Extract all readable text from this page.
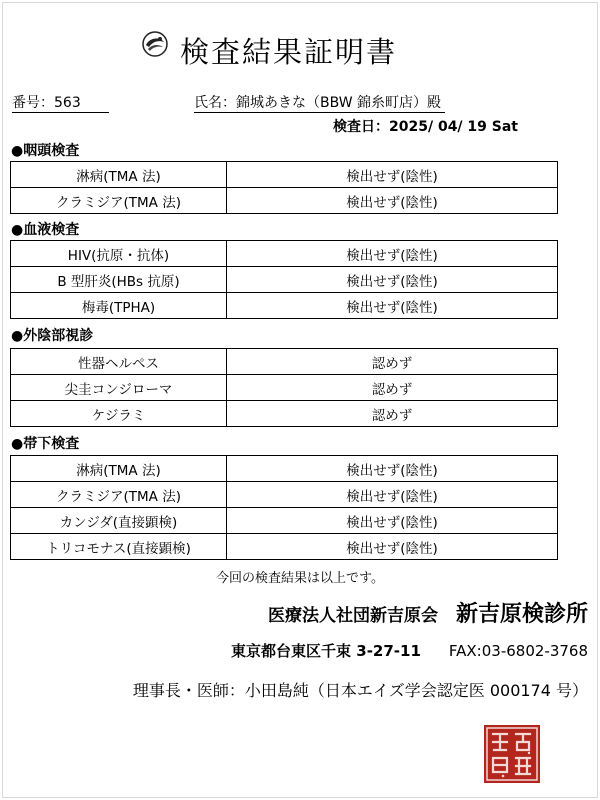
検査結果証明書
番号：563	氏名：錦城あきな（BBW 錦糸町店）殿
検査日：2025/ 04/ 19 Sat
●咽頭検査
淋病(TMA 法)	検出せず(陰性)
クラミジア(TMA 法)	検出せず(陰性)
●血液検査
HIV(抗原・抗体)	検出せず(陰性)
B 型肝炎(HBs 抗原)	検出せず(陰性)
梅毒(TPHA)	検出せず(陰性)
●外陰部視診
性器ヘルペス	認めず
尖圭コンジローマ	認めず
ケジラミ	認めず
●帯下検査
淋病(TMA 法)	検出せず(陰性)
クラミジア(TMA 法)	検出せず(陰性)
カンジダ(直接顕検)	検出せず(陰性)
トリコモナス(直接顕検)	検出せず(陰性)
今回の検査結果は以上です。
医療法人社団新吉原会 新吉原検診所
東京都台東区千束 3-27-11 FAX:03-6802-3768
理事長・医師：小田島純（日本エイズ学会認定医 000174 号）
